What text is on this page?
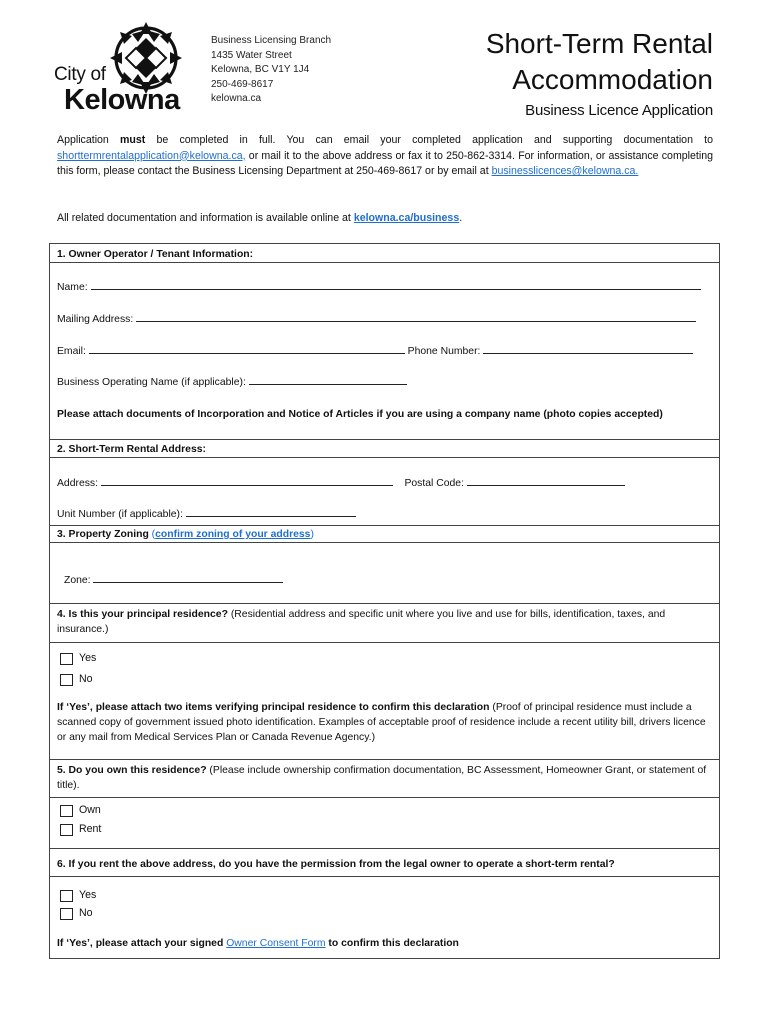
City of
Kelowna
Business Licensing Branch
1435 Water Street
Kelowna, BC V1Y 1J4
250-469-8617
kelowna.ca
Short-Term Rental
Accommodation
Business Licence Application
Application must be completed in full. You can email your completed application and supporting documentation to shorttermrentalapplication@kelowna.ca, or mail it to the above address or fax it to 250-862-3314. For information, or assistance completing this form, please contact the Business Licensing Department at 250-469-8617 or by email at businesslicences@kelowna.ca.
All related documentation and information is available online at kelowna.ca/business.
1. Owner Operator / Tenant Information:
Name:
Mailing Address:
Email:	Phone Number:
Business Operating Name (if applicable):
Please attach documents of Incorporation and Notice of Articles if you are using a company name (photo copies accepted)
2. Short-Term Rental Address:
Address:	Postal Code:
Unit Number (if applicable):
3. Property Zoning (confirm zoning of your address)
Zone:
4. Is this your principal residence? (Residential address and specific unit where you live and use for bills, identification, taxes, and insurance.)
Yes
No
If ‘Yes’, please attach two items verifying principal residence to confirm this declaration (Proof of principal residence must include a scanned copy of government issued photo identification. Examples of acceptable proof of residence include a recent utility bill, drivers licence or any mail from Medical Services Plan or Canada Revenue Agency.)
5. Do you own this residence? (Please include ownership confirmation documentation, BC Assessment, Homeowner Grant, or statement of title).
Own
Rent
6. If you rent the above address, do you have the permission from the legal owner to operate a short-term rental?
Yes
No
If ‘Yes’, please attach your signed Owner Consent Form to confirm this declaration
